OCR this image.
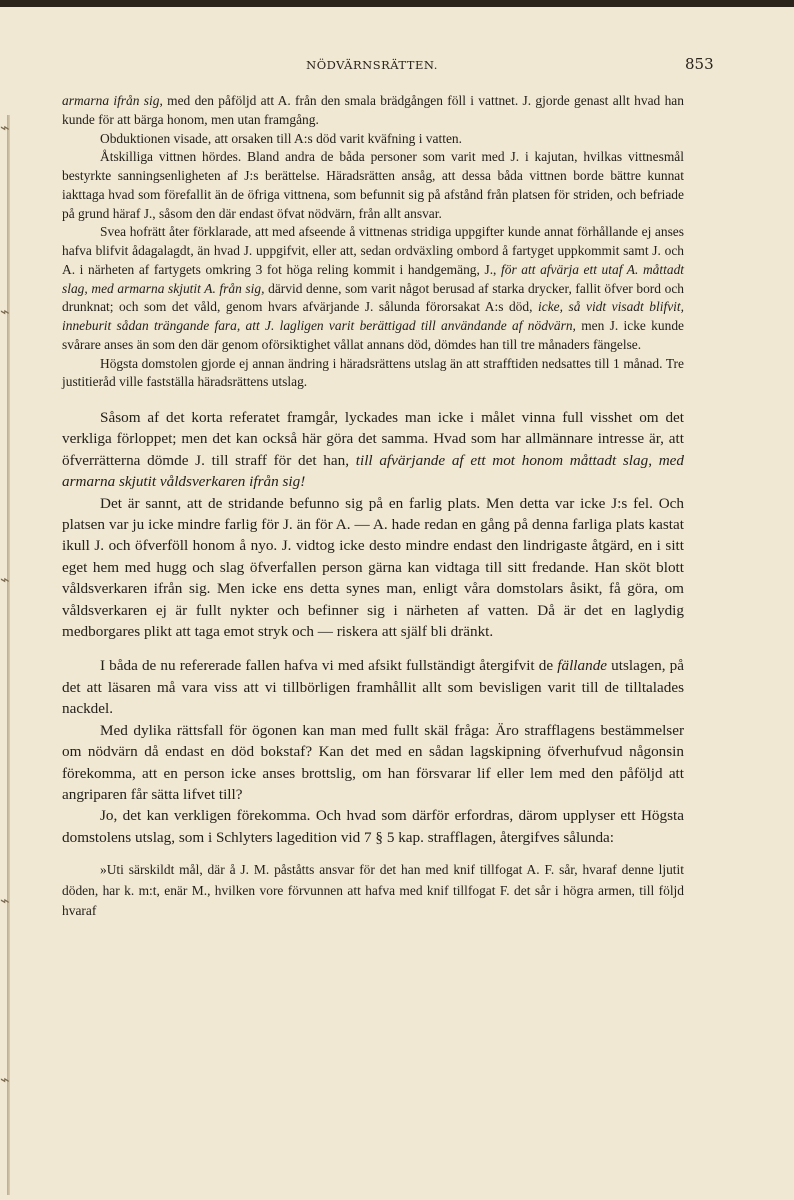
⌁
⌁
⌁
⌁
⌁
NÖDVÄRNSRÄTTEN.	853

armarna ifrån sig, med den påföljd att A. från den smala brädgången föll i vattnet. J. gjorde genast allt hvad han kunde för att bärga honom, men utan framgång.

Obduktionen visade, att orsaken till A:s död varit kväfning i vatten.

Åtskilliga vittnen hördes. Bland andra de båda personer som varit med J. i kajutan, hvilkas vittnesmål bestyrkte sanningsenligheten af J:s berättelse. Häradsrätten ansåg, att dessa båda vittnen borde bättre kunnat iakttaga hvad som förefallit än de öfriga vittnena, som befunnit sig på afstånd från platsen för striden, och befriade på grund häraf J., såsom den där endast öfvat nödvärn, från allt ansvar.

Svea hofrätt åter förklarade, att med afseende å vittnenas stridiga uppgifter kunde annat förhållande ej anses hafva blifvit ådagalagdt, än hvad J. uppgifvit, eller att, sedan ordväxling ombord å fartyget uppkommit samt J. och A. i närheten af fartygets omkring 3 fot höga reling kommit i handgemäng, J., för att afvärja ett utaf A. måttadt slag, med armarna skjutit A. från sig, därvid denne, som varit något berusad af starka drycker, fallit öfver bord och drunknat; och som det våld, genom hvars afvärjande J. sålunda förorsakat A:s död, icke, så vidt visadt blifvit, inneburit sådan trängande fara, att J. lagligen varit berättigad till användande af nödvärn, men J. icke kunde svårare anses än som den där genom oförsiktighet vållat annans död, dömdes han till tre månaders fängelse.

Högsta domstolen gjorde ej annan ändring i häradsrättens utslag än att strafftiden nedsattes till 1 månad. Tre justitieråd ville fastställa häradsrättens utslag.

Såsom af det korta referatet framgår, lyckades man icke i målet vinna full visshet om det verkliga förloppet; men det kan också här göra det samma. Hvad som har allmännare intresse är, att öfverrätterna dömde J. till straff för det han, till afvärjande af ett mot honom måttadt slag, med armarna skjutit våldsverkaren ifrån sig!

Det är sannt, att de stridande befunno sig på en farlig plats. Men detta var icke J:s fel. Och platsen var ju icke mindre farlig för J. än för A. — A. hade redan en gång på denna farliga plats kastat ikull J. och öfverföll honom å nyo. J. vidtog icke desto mindre endast den lindrigaste åtgärd, en i sitt eget hem med hugg och slag öfverfallen person gärna kan vidtaga till sitt fredande. Han sköt blott våldsverkaren ifrån sig. Men icke ens detta synes man, enligt våra domstolars åsikt, få göra, om våldsverkaren ej är fullt nykter och befinner sig i närheten af vatten. Då är det en laglydig medborgares plikt att taga emot stryk och — riskera att själf bli dränkt.

I båda de nu refererade fallen hafva vi med afsikt fullständigt återgifvit de fällande utslagen, på det att läsaren må vara viss att vi tillbörligen framhållit allt som bevisligen varit till de tilltalades nackdel.

Med dylika rättsfall för ögonen kan man med fullt skäl fråga: Äro strafflagens bestämmelser om nödvärn då endast en död bokstaf? Kan det med en sådan lagskipning öfverhufvud någonsin förekomma, att en person icke anses brottslig, om han försvarar lif eller lem med den påföljd att angriparen får sätta lifvet till?

Jo, det kan verkligen förekomma. Och hvad som därför erfordras, därom upplyser ett Högsta domstolens utslag, som i Schlyters lagedition vid 7 § 5 kap. strafflagen, återgifves sålunda:

»Uti särskildt mål, där å J. M. påståtts ansvar för det han med knif tillfogat A. F. sår, hvaraf denne ljutit döden, har k. m:t, enär M., hvilken vore förvunnen att hafva med knif tillfogat F. det sår i högra armen, till följd hvaraf
